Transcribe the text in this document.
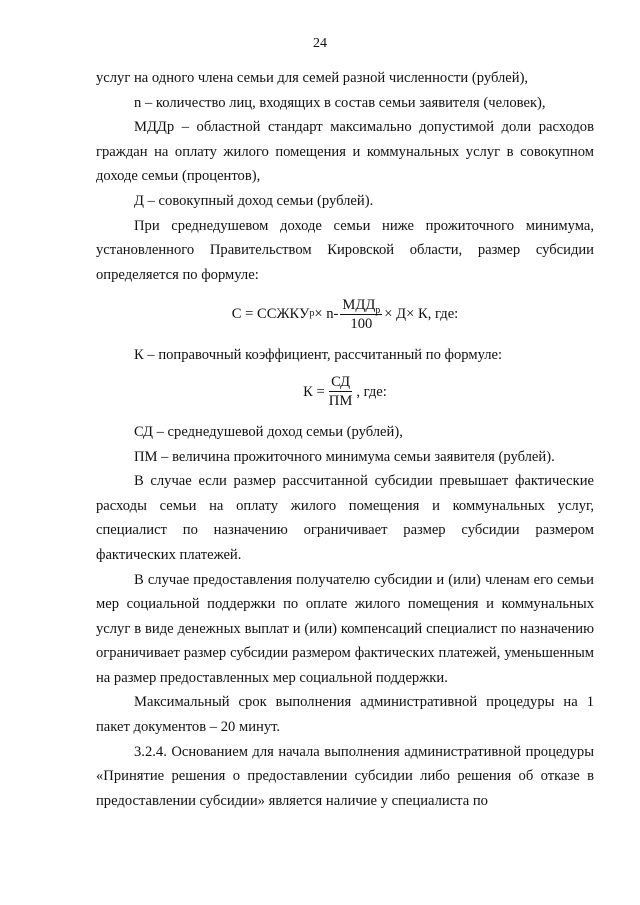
24

услуг на одного члена семьи для семей разной численности (рублей),

n – количество лиц, входящих в состав семьи заявителя (человек),

МДДр – областной стандарт максимально допустимой доли расходов граждан на оплату жилого помещения и коммунальных услуг в совокупном доходе семьи (процентов),

Д – совокупный доход семьи (рублей).

При среднедушевом доходе семьи ниже прожиточного минимума, установленного Правительством Кировской области, размер субсидии определяется по формуле:

С = ССЖКУ $р \times n- \frac{МДД_р}{100} \times Д\times К$, где:

К – поправочный коэффициент, рассчитанный по формуле:

$К = \frac{СД}{ПМ}$ , где:

СД – среднедушевой доход семьи (рублей),

ПМ – величина прожиточного минимума семьи заявителя (рублей).

В случае если размер рассчитанной субсидии превышает фактические расходы семьи на оплату жилого помещения и коммунальных услуг, специалист по назначению ограничивает размер субсидии размером фактических платежей.

В случае предоставления получателю субсидии и (или) членам его семьи мер социальной поддержки по оплате жилого помещения и коммунальных услуг в виде денежных выплат и (или) компенсаций специалист по назначению ограничивает размер субсидии размером фактических платежей, уменьшенным на размер предоставленных мер социальной поддержки.

Максимальный срок выполнения административной процедуры на 1 пакет документов – 20 минут.

3.2.4. Основанием для начала выполнения административной процедуры «Принятие решения о предоставлении субсидии либо решения об отказе в предоставлении субсидии» является наличие у специалиста по
